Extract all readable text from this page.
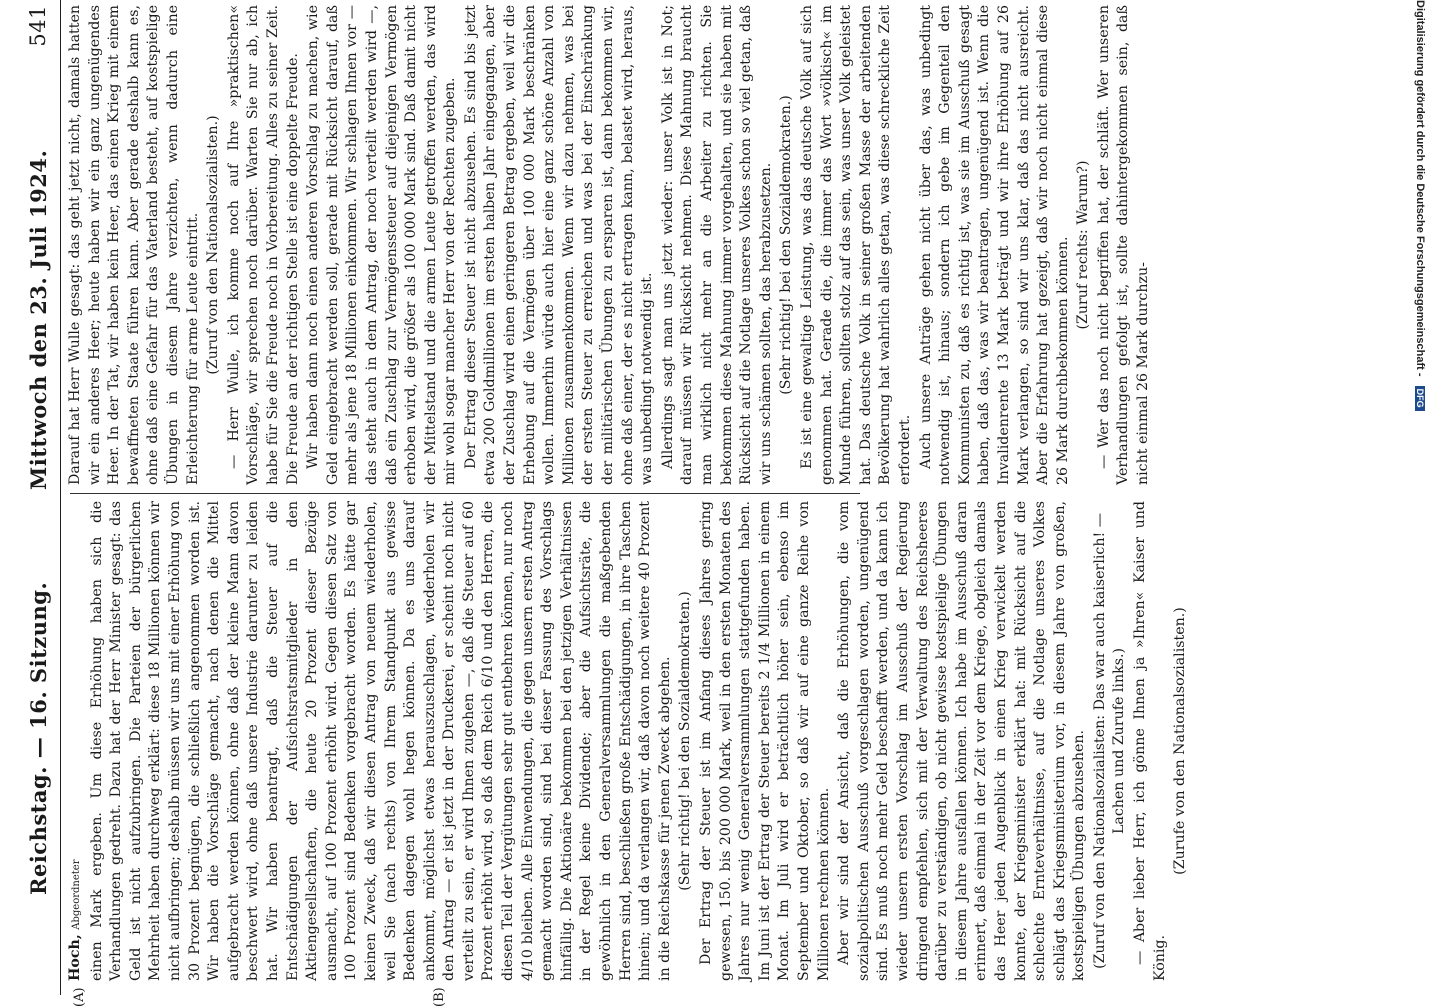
Reichstag. — 16. Sitzung.
Mittwoch den 23. Juli 1924.
541
(A)	(B)

Hoch, Abgeordneter einen Mark ergeben. Um diese Erhöhung haben sich die Verhandlungen gedreht. Dazu hat der Herr Minister gesagt: das Geld ist nicht aufzubringen. Die Parteien der bürgerlichen Mehrheit haben durchweg erklärt: diese 18 Millionen können wir nicht aufbringen; deshalb müssen wir uns mit einer Erhöhung von 30 Prozent begnügen, die schließlich angenommen worden ist. Wir haben die Vorschläge gemacht, nach denen die Mittel aufgebracht werden können, ohne daß der kleine Mann davon beschwert wird, ohne daß unsere Industrie darunter zu leiden hat. Wir haben beantragt, daß die Steuer auf die Entschädigungen der Aufsichtsratsmitglieder in den Aktiengesellschaften, die heute 20 Prozent dieser Bezüge ausmacht, auf 100 Prozent erhöht wird. Gegen diesen Satz von 100 Prozent sind Bedenken vorgebracht worden. Es hätte gar keinen Zweck, daß wir diesen Antrag von neuem wiederholen, weil Sie (nach rechts) von Ihrem Standpunkt aus gewisse Bedenken dagegen wohl hegen können. Da es uns darauf ankommt, möglichst etwas herauszuschlagen, wiederholen wir den Antrag — er ist jetzt in der Druckerei, er scheint noch nicht verteilt zu sein, er wird Ihnen zugehen —, daß die Steuer auf 60 Prozent erhöht wird, so daß dem Reich 6/10 und den Herren, die diesen Teil der Vergütungen sehr gut entbehren können, nur noch 4/10 bleiben. Alle Einwendungen, die gegen unsern ersten Antrag gemacht worden sind, sind bei dieser Fassung des Vorschlags hinfällig. Die Aktionäre bekommen bei den jetzigen Verhältnissen in der Regel keine Dividende; aber die Aufsichtsräte, die gewöhnlich in den Generalversammlungen die maßgebenden Herren sind, beschließen große Entschädigungen, in ihre Taschen hinein; und da verlangen wir, daß davon noch weitere 40 Prozent in die Reichskasse für jenen Zweck abgehen. (Sehr richtig! bei den Sozialdemokraten.) Der Ertrag der Steuer ist im Anfang dieses Jahres gering gewesen, 150. bis 200 000 Mark, weil in den ersten Monaten des Jahres nur wenig Generalversammlungen stattgefunden haben. Im Juni ist der Ertrag der Steuer bereits 2 1/4 Millionen in einem Monat. Im Juli wird er beträchtlich höher sein, ebenso im September und Oktober, so daß wir auf eine ganze Reihe von Millionen rechnen können. Aber wir sind der Ansicht, daß die Erhöhungen, die vom sozialpolitischen Ausschuß vorgeschlagen worden, ungenügend sind. Es muß noch mehr Geld beschafft werden, und da kann ich wieder unsern ersten Vorschlag im Ausschuß der Regierung dringend empfehlen, sich mit der Verwaltung des Reichsheeres darüber zu verständigen, ob nicht gewisse kostspielige Übungen in diesem Jahre ausfallen können. Ich habe im Ausschuß daran erinnert, daß einmal in der Zeit vor dem Kriege, obgleich damals das Heer jeden Augenblick in einen Krieg verwickelt werden konnte, der Kriegsminister erklärt hat: mit Rücksicht auf die schlechte Ernteverhältnisse, auf die Notlage unseres Volkes schlägt das Kriegsministerium vor, in diesem Jahre von großen, kostspieligen Übungen abzusehen. (Zuruf von den Nationalsozialisten: Das war auch kaiserlich! — Lachen und Zurufe links.) — Aber lieber Herr, ich gönne Ihnen ja »Ihren« Kaiser und König.

(Zurufe von den Nationalsozialisten.)

Darauf hat Herr Wulle gesagt: das geht jetzt nicht, damals hatten wir ein anderes Heer; heute haben wir ein ganz ungenügendes Heer. In der Tat, wir haben kein Heer, das einen Krieg mit einem bewaffneten Staate führen kann. Aber gerade deshalb kann es, ohne daß eine Gefahr für das Vaterland besteht, auf kostspielige Übungen in diesem Jahre verzichten, wenn dadurch eine Erleichterung für arme Leute eintritt. (Zuruf von den Nationalsozialisten.) — Herr Wulle, ich komme noch auf Ihre »praktischen« Vorschläge, wir sprechen noch darüber. Warten Sie nur ab, ich habe für Sie die Freude noch in Vorbereitung. Alles zu seiner Zeit. Die Freude an der richtigen Stelle ist eine doppelte Freude. Wir haben dann noch einen anderen Vorschlag zu machen, wie Geld eingebracht werden soll, gerade mit Rücksicht darauf, daß mehr als jene 18 Millionen einkommen. Wir schlagen Ihnen vor — das steht auch in dem Antrag, der noch verteilt werden wird —, daß ein Zuschlag zur Vermögenssteuer auf diejenigen Vermögen erhoben wird, die größer als 100 000 Mark sind. Daß damit nicht der Mittelstand und die armen Leute getroffen werden, das wird mir wohl sogar mancher Herr von der Rechten zugeben. Der Ertrag dieser Steuer ist nicht abzusehen. Es sind bis jetzt etwa 200 Goldmillionen im ersten halben Jahr eingegangen, aber der Zuschlag wird einen geringeren Betrag ergeben, weil wir die Erhebung auf die Vermögen über 100 000 Mark beschränken wollen. Immerhin würde auch hier eine ganz schöne Anzahl von Millionen zusammenkommen. Wenn wir dazu nehmen, was bei der ersten Steuer zu erreichen und was bei der Einschränkung der militärischen Übungen zu ersparen ist, dann bekommen wir, ohne daß einer, der es nicht ertragen kann, belastet wird, heraus, was unbedingt notwendig ist. Allerdings sagt man uns jetzt wieder: unser Volk ist in Not; darauf müssen wir Rücksicht nehmen. Diese Mahnung braucht man wirklich nicht mehr an die Arbeiter zu richten. Sie bekommen diese Mahnung immer vorgehalten, und sie haben mit Rücksicht auf die Notlage unseres Volkes schon so viel getan, daß wir uns schämen sollten, das herabzusetzen. (Sehr richtig! bei den Sozialdemokraten.) Es ist eine gewaltige Leistung, was das deutsche Volk auf sich genommen hat. Gerade die, die immer das Wort »völkisch« im Munde führen, sollten stolz auf das sein, was unser Volk geleistet hat. Das deutsche Volk in seiner großen Masse der arbeitenden Bevölkerung hat wahrlich alles getan, was diese schreckliche Zeit erfordert. Auch unsere Anträge gehen nicht über das, was unbedingt notwendig ist, hinaus; sondern ich gebe im Gegenteil den Kommunisten zu, daß es richtig ist, was sie im Ausschuß gesagt haben, daß das, was wir beantragen, ungenügend ist. Wenn die Invalidenrente 13 Mark beträgt und wir ihre Erhöhung auf 26 Mark verlangen, so sind wir uns klar, daß das nicht ausreicht. Aber die Erfahrung hat gezeigt, daß wir noch nicht einmal diese 26 Mark durchbekommen können. (Zuruf rechts: Warum?) — Wer das noch nicht begriffen hat, der schläft. Wer unseren Verhandlungen gefolgt ist, sollte dahintergekommen sein, daß nicht einmal 26 Mark durchzu-	Digitalisierung gefördert durch die Deutsche Forschungsgemeinschaft - DFG
